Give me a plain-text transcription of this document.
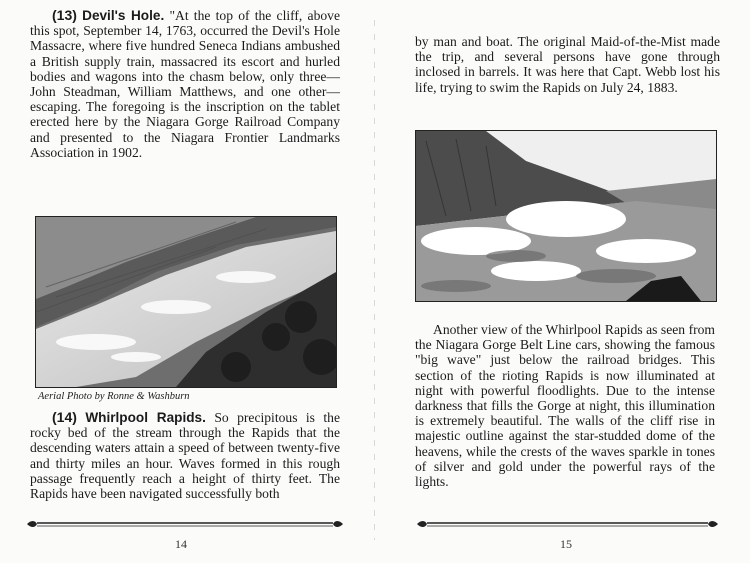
(13) Devil's Hole. "At the top of the cliff, above this spot, September 14, 1763, occurred the Devil's Hole Massacre, where five hundred Seneca Indians ambushed a British supply train, massacred its escort and hurled bodies and wagons into the chasm below, only three—John Steadman, William Matthews, and one other—escaping. The foregoing is the inscription on the tablet erected here by the Niagara Gorge Railroad Company and presented to the Niagara Frontier Landmarks Association in 1902.

Aerial Photo by Ronne & Washburn

(14) Whirlpool Rapids. So precipitous is the rocky bed of the stream through the Rapids that the descending waters attain a speed of between twenty-five and thirty miles an hour. Waves formed in this rough passage frequently reach a height of thirty feet. The Rapids have been navigated successfully both

14

by man and boat. The original Maid-of-the-Mist made the trip, and several persons have gone through inclosed in barrels. It was here that Capt. Webb lost his life, trying to swim the Rapids on July 24, 1883.

Another view of the Whirlpool Rapids as seen from the Niagara Gorge Belt Line cars, showing the famous "big wave" just below the railroad bridges. This section of the rioting Rapids is now illuminated at night with powerful floodlights. Due to the intense darkness that fills the Gorge at night, this illumination is extremely beautiful. The walls of the cliff rise in majestic outline against the star-studded dome of the heavens, while the crests of the waves sparkle in tones of silver and gold under the powerful rays of the lights.

15
